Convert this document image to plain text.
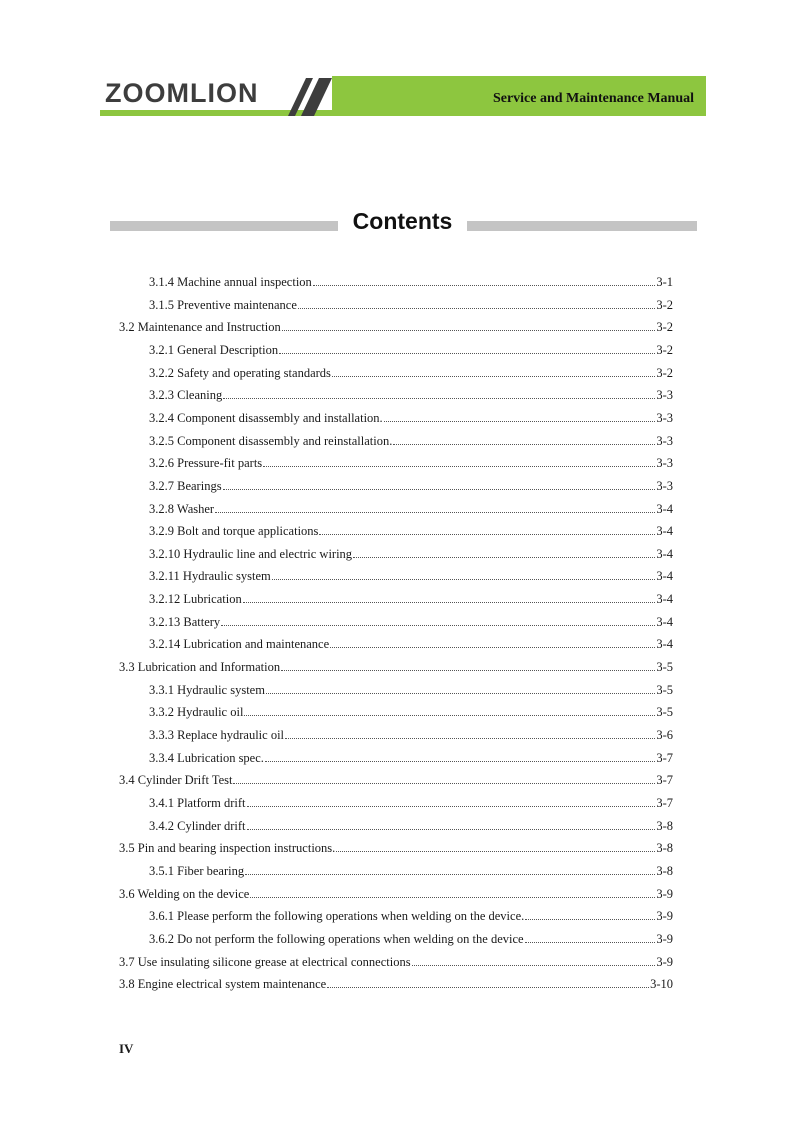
ZOOMLION	Service and Maintenance Manual
Contents
3.1.4 Machine annual inspection	3-1
3.1.5 Preventive maintenance	3-2
3.2 Maintenance and Instruction	3-2
3.2.1 General Description	3-2
3.2.2 Safety and operating standards	3-2
3.2.3 Cleaning	3-3
3.2.4 Component disassembly and installation.	3-3
3.2.5 Component disassembly and reinstallation.	3-3
3.2.6 Pressure-fit parts	3-3
3.2.7 Bearings	3-3
3.2.8 Washer	3-4
3.2.9 Bolt and torque applications	3-4
3.2.10 Hydraulic line and electric wiring	3-4
3.2.11 Hydraulic system	3-4
3.2.12 Lubrication	3-4
3.2.13 Battery	3-4
3.2.14 Lubrication and maintenance	3-4
3.3 Lubrication and Information	3-5
3.3.1 Hydraulic system	3-5
3.3.2 Hydraulic oil	3-5
3.3.3 Replace hydraulic oil	3-6
3.3.4 Lubrication spec.	3-7
3.4 Cylinder Drift Test	3-7
3.4.1 Platform drift	3-7
3.4.2 Cylinder drift	3-8
3.5 Pin and bearing inspection instructions.	3-8
3.5.1 Fiber bearing	3-8
3.6 Welding on the device	3-9
3.6.1 Please perform the following operations when welding on the device.	3-9
3.6.2 Do not perform the following operations when welding on the device	3-9
3.7 Use insulating silicone grease at electrical connections	3-9
3.8 Engine electrical system maintenance	3-10
IV
